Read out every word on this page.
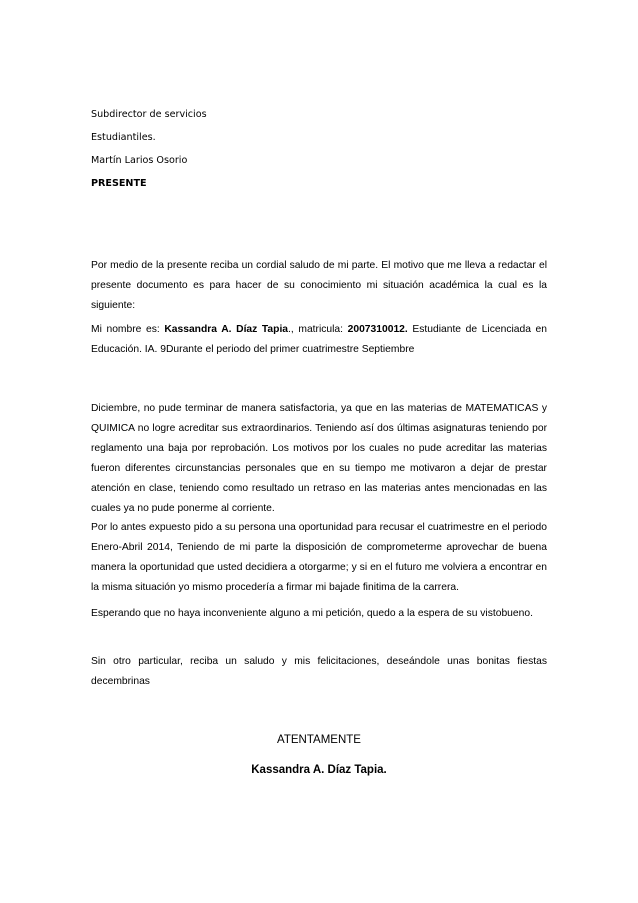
Subdirector de servicios

Estudiantiles.

Martín Larios Osorio

PRESENTE

Por medio de la presente reciba un cordial saludo de mi parte. El motivo que me lleva a redactar el presente documento es para hacer de su conocimiento mi situación académica la cual es la siguiente:

Mi nombre es: Kassandra A. Díaz Tapia., matricula: 2007310012. Estudiante de Licenciada en Educación. IA. 9Durante el periodo del primer cuatrimestre Septiembre

Diciembre, no pude terminar de manera satisfactoria, ya que en las materias de MATEMATICAS y QUIMICA no logre acreditar sus extraordinarios. Teniendo así dos últimas asignaturas teniendo por reglamento una baja por reprobación. Los motivos por los cuales no pude acreditar las materias fueron diferentes circunstancias personales que en su tiempo me motivaron a dejar de prestar atención en clase, teniendo como resultado un retraso en las materias antes mencionadas en las cuales ya no pude ponerme al corriente.

Por lo antes expuesto pido a su persona una oportunidad para recusar el cuatrimestre en el periodo Enero-Abril 2014, Teniendo de mi parte la disposición de comprometerme aprovechar de buena manera la oportunidad que usted decidiera a otorgarme; y si en el futuro me volviera a encontrar en la misma situación yo mismo procedería a firmar mi bajade finitima de la carrera.

Esperando que no haya inconveniente alguno a mi petición, quedo a la espera de su vistobueno.

Sin otro particular, reciba un saludo y mis felicitaciones, deseándole unas bonitas fiestas decembrinas

ATENTAMENTE

Kassandra A. Díaz Tapia.
